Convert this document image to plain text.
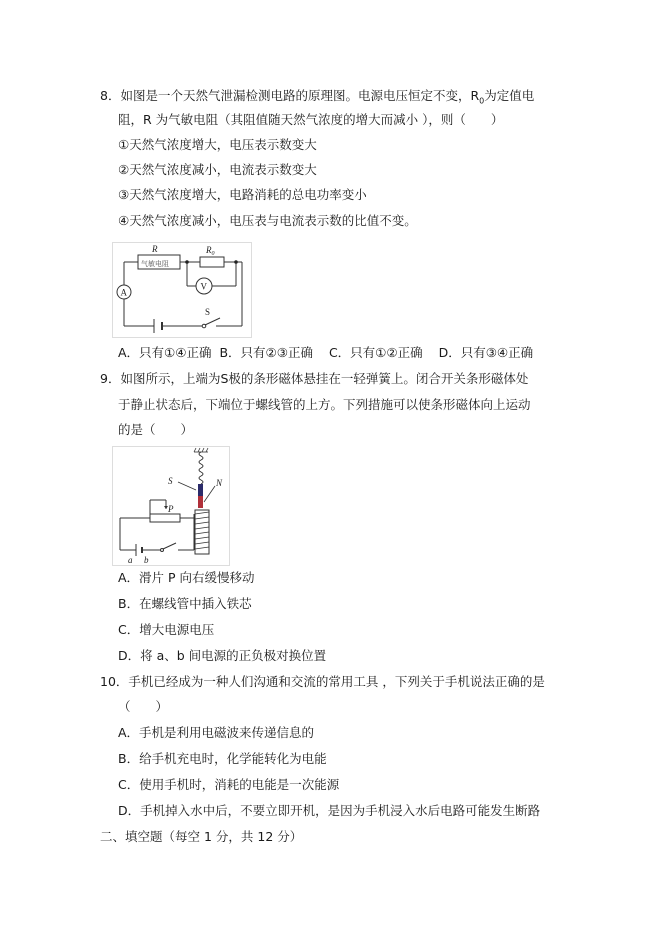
8．如图是一个天然气泄漏检测电路的原理图。电源电压恒定不变，$R_0$为定值电
阻，R 为气敏电阻（其阻值随天然气浓度的增大而减小 ），则（　　）
①天然气浓度增大，电压表示数变大
②天然气浓度减小，电流表示数变大
③天然气浓度增大，电路消耗的总电功率变小
④天然气浓度减小，电压表与电流表示数的比值不变。
气敏电阻
R	$R_0$
V
A
S
A．只有①④正确 B．只有②③正确 C．只有①②正确 D．只有③④正确
9．如图所示，上端为S极的条形磁体悬挂在一轻弹簧上。闭合开关条形磁体处
于静止状态后，下端位于螺线管的上方。下列措施可以使条形磁体向上运动
的是（　　）
S	N
P
a b
A．滑片 P 向右缓慢移动
B．在螺线管中插入铁芯
C．增大电源电压
D．将 a、b 间电源的正负极对换位置
10．手机已经成为一种人们沟通和交流的常用工具 ，下列关于手机说法正确的是
（　　）
A．手机是利用电磁波来传递信息的
B．给手机充电时，化学能转化为电能
C．使用手机时，消耗的电能是一次能源
D．手机掉入水中后，不要立即开机，是因为手机浸入水后电路可能发生断路
二、填空题（每空 1 分，共 12 分）
